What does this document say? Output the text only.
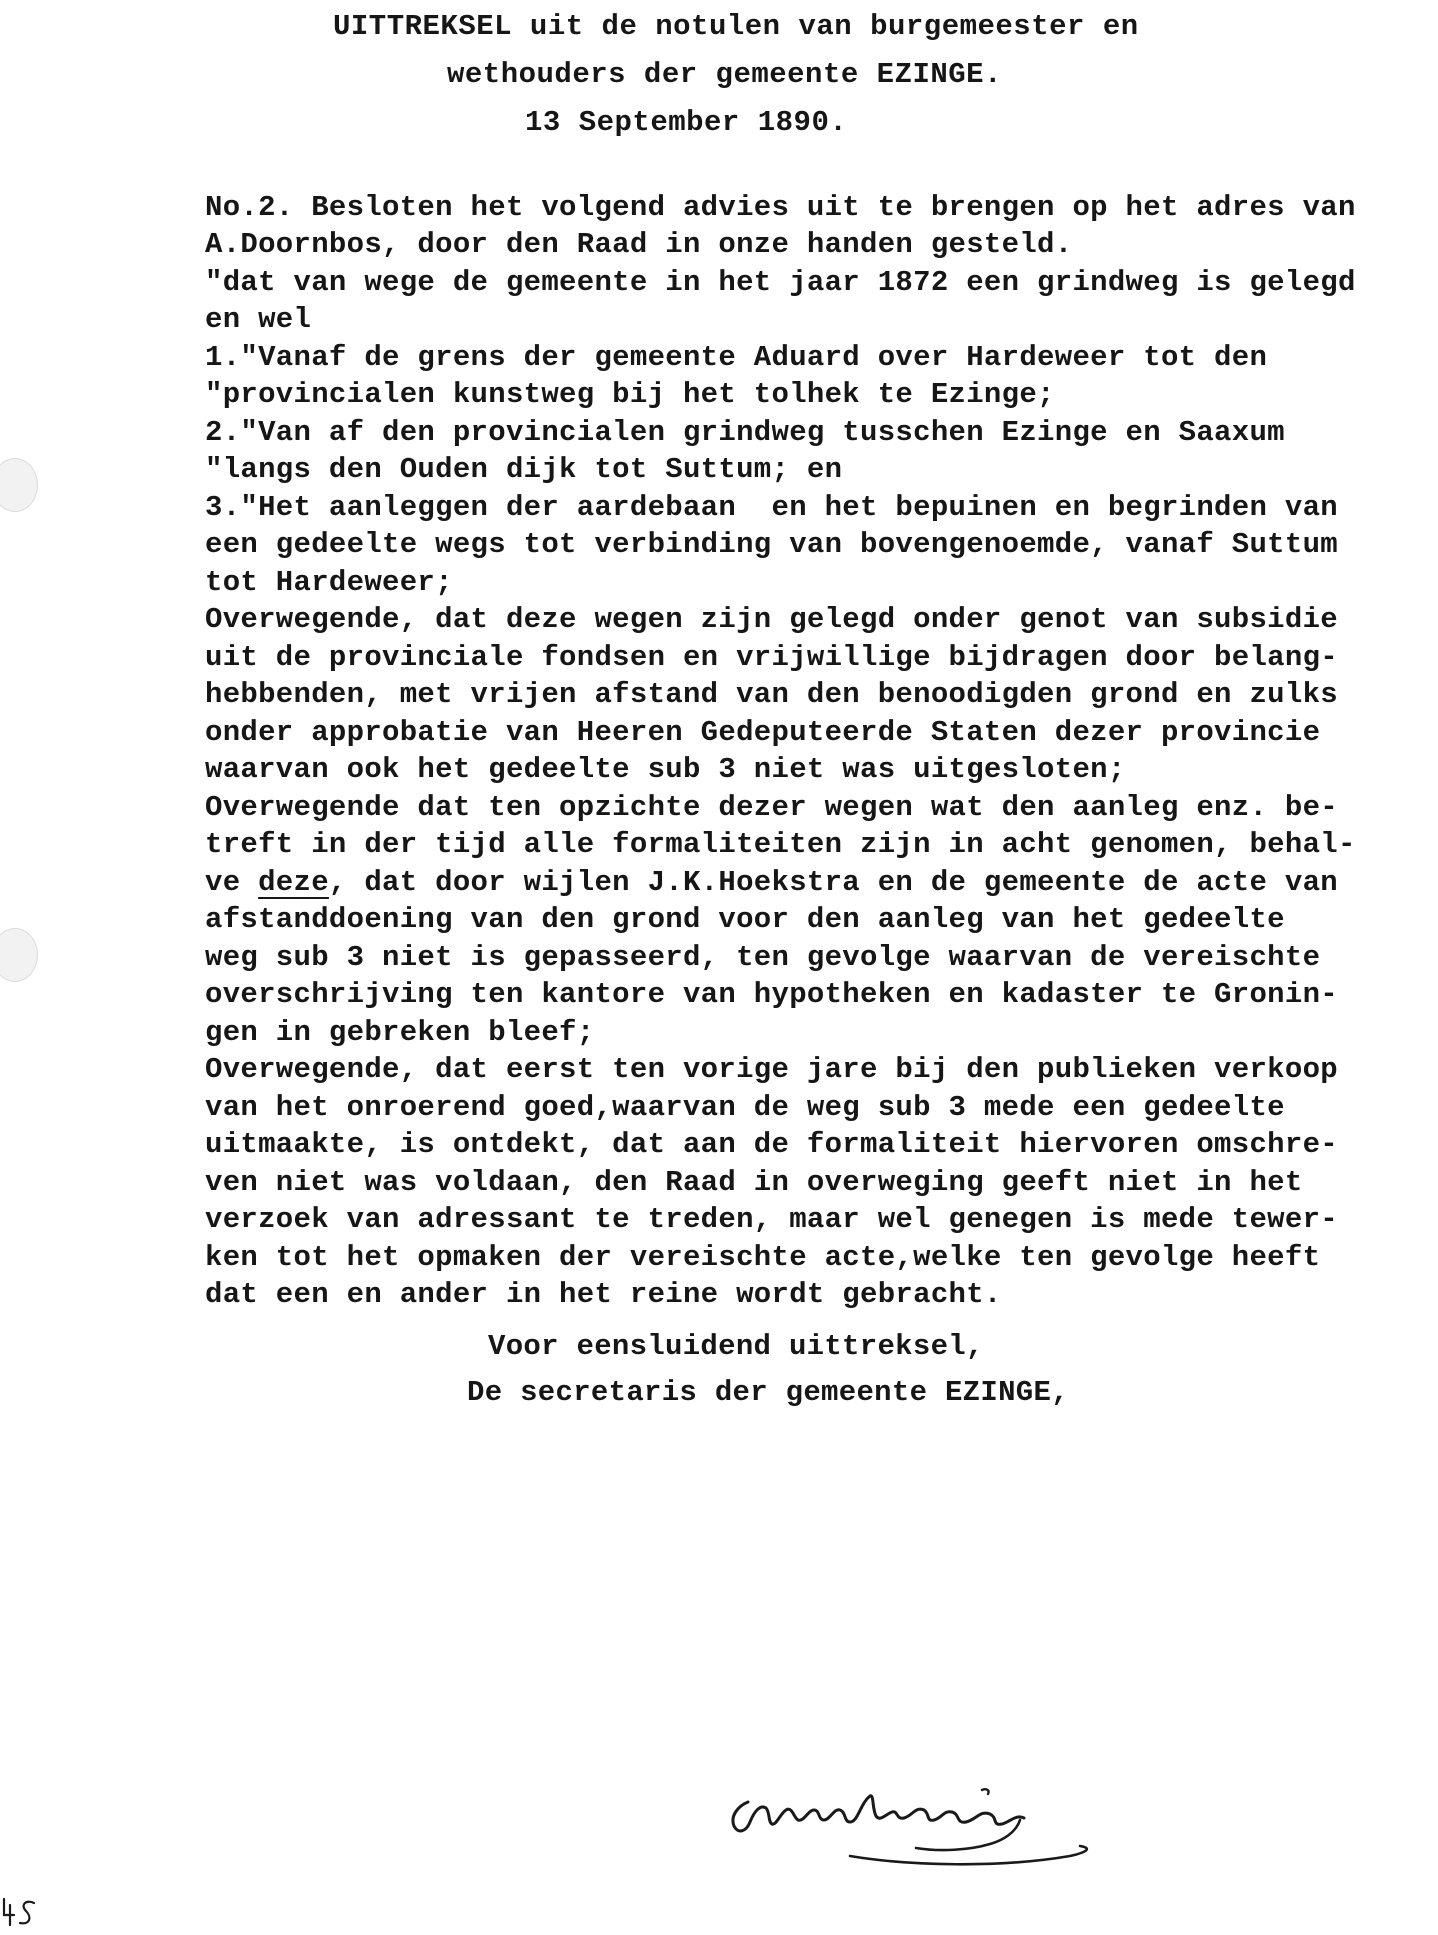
UITTREKSEL uit de notulen van burgemeester en
wethouders der gemeente EZINGE.
13 September 1890.
No.2. Besloten het volgend advies uit te brengen op het adres van
A.Doornbos, door den Raad in onze handen gesteld.
"dat van wege de gemeente in het jaar 1872 een grindweg is gelegd
en wel
1."Vanaf de grens der gemeente Aduard over Hardeweer tot den
"provincialen kunstweg bij het tolhek te Ezinge;
2."Van af den provincialen grindweg tusschen Ezinge en Saaxum
"langs den Ouden dijk tot Suttum; en
3."Het aanleggen der aardebaan  en het bepuinen en begrinden van
een gedeelte wegs tot verbinding van bovengenoemde, vanaf Suttum
tot Hardeweer;
Overwegende, dat deze wegen zijn gelegd onder genot van subsidie
uit de provinciale fondsen en vrijwillige bijdragen door belang-
hebbenden, met vrijen afstand van den benoodigden grond en zulks
onder approbatie van Heeren Gedeputeerde Staten dezer provincie
waarvan ook het gedeelte sub 3 niet was uitgesloten;
Overwegende dat ten opzichte dezer wegen wat den aanleg enz. be-
treft in der tijd alle formaliteiten zijn in acht genomen, behal-
ve deze, dat door wijlen J.K.Hoekstra en de gemeente de acte van
afstanddoening van den grond voor den aanleg van het gedeelte
weg sub 3 niet is gepasseerd, ten gevolge waarvan de vereischte
overschrijving ten kantore van hypotheken en kadaster te Gronin-
gen in gebreken bleef;
Overwegende, dat eerst ten vorige jare bij den publieken verkoop
van het onroerend goed,waarvan de weg sub 3 mede een gedeelte
uitmaakte, is ontdekt, dat aan de formaliteit hiervoren omschre-
ven niet was voldaan, den Raad in overweging geeft niet in het
verzoek van adressant te treden, maar wel genegen is mede tewer-
ken tot het opmaken der vereischte acte,welke ten gevolge heeft
dat een en ander in het reine wordt gebracht.
Voor eensluidend uittreksel,
De secretaris der gemeente EZINGE,
